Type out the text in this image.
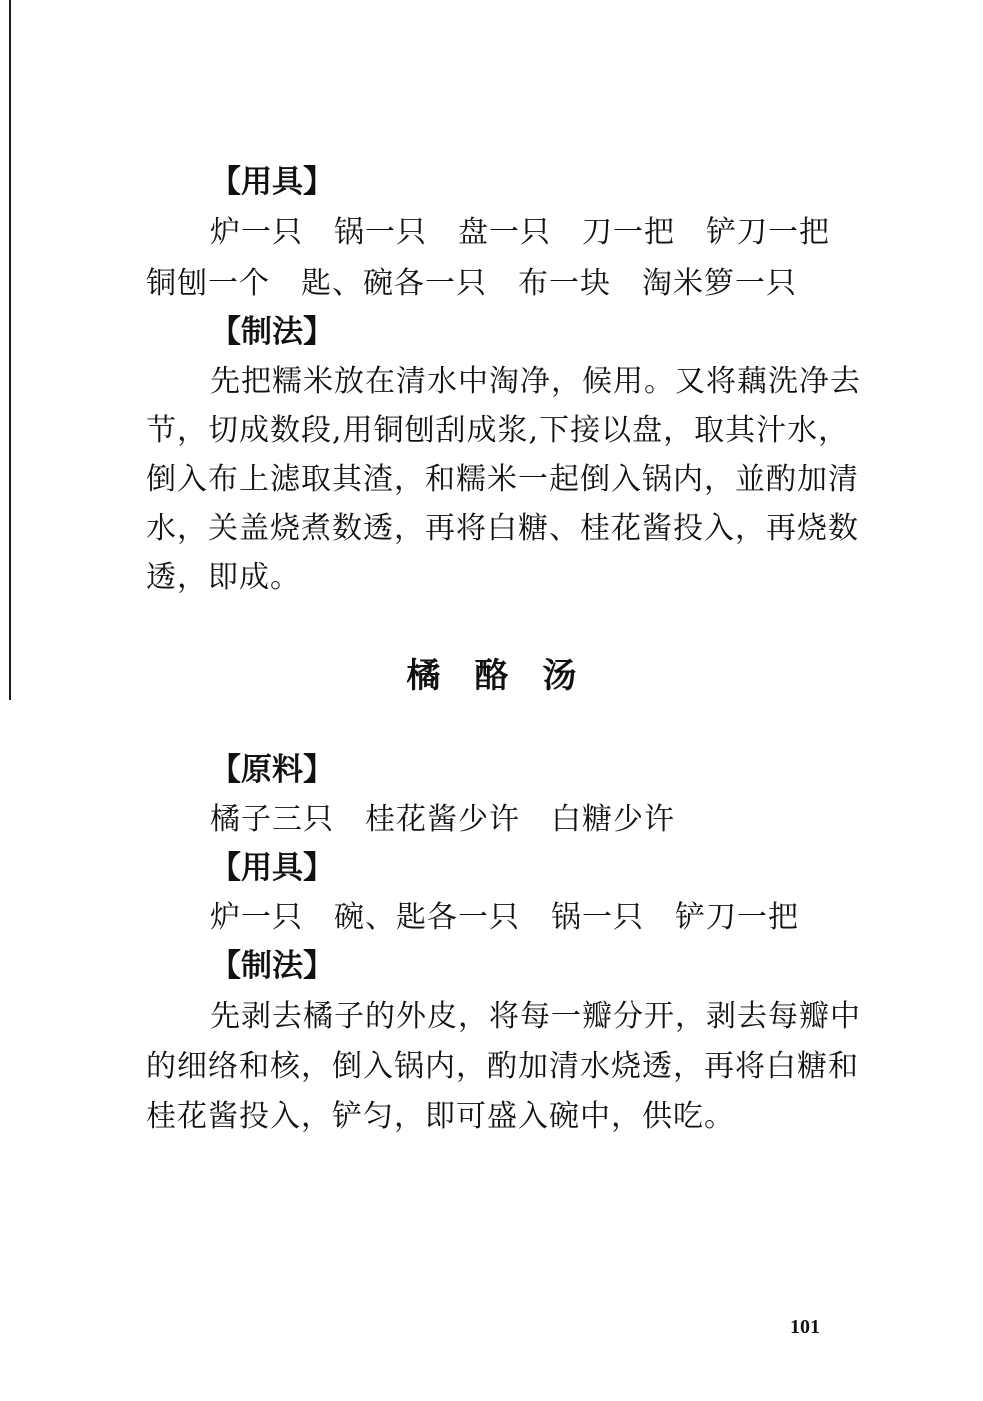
【用具】
炉一只　锅一只　盘一只　刀一把　铲刀一把
铜刨一个　匙、碗各一只　布一块　淘米箩一只
【制法】
先把糯米放在清水中淘净，候用。又将藕洗净去
节，切成数段,用铜刨刮成浆,下接以盘，取其汁水，
倒入布上滤取其渣，和糯米一起倒入锅内，並酌加清
水，关盖烧煮数透，再将白糖、桂花酱投入，再烧数
透，即成。
橘酪汤
【原料】
橘子三只　桂花酱少许　白糖少许
【用具】
炉一只　碗、匙各一只　锅一只　铲刀一把
【制法】
先剥去橘子的外皮，将每一瓣分开，剥去每瓣中
的细络和核，倒入锅内，酌加清水烧透，再将白糖和
桂花酱投入，铲匀，即可盛入碗中，供吃。
101
